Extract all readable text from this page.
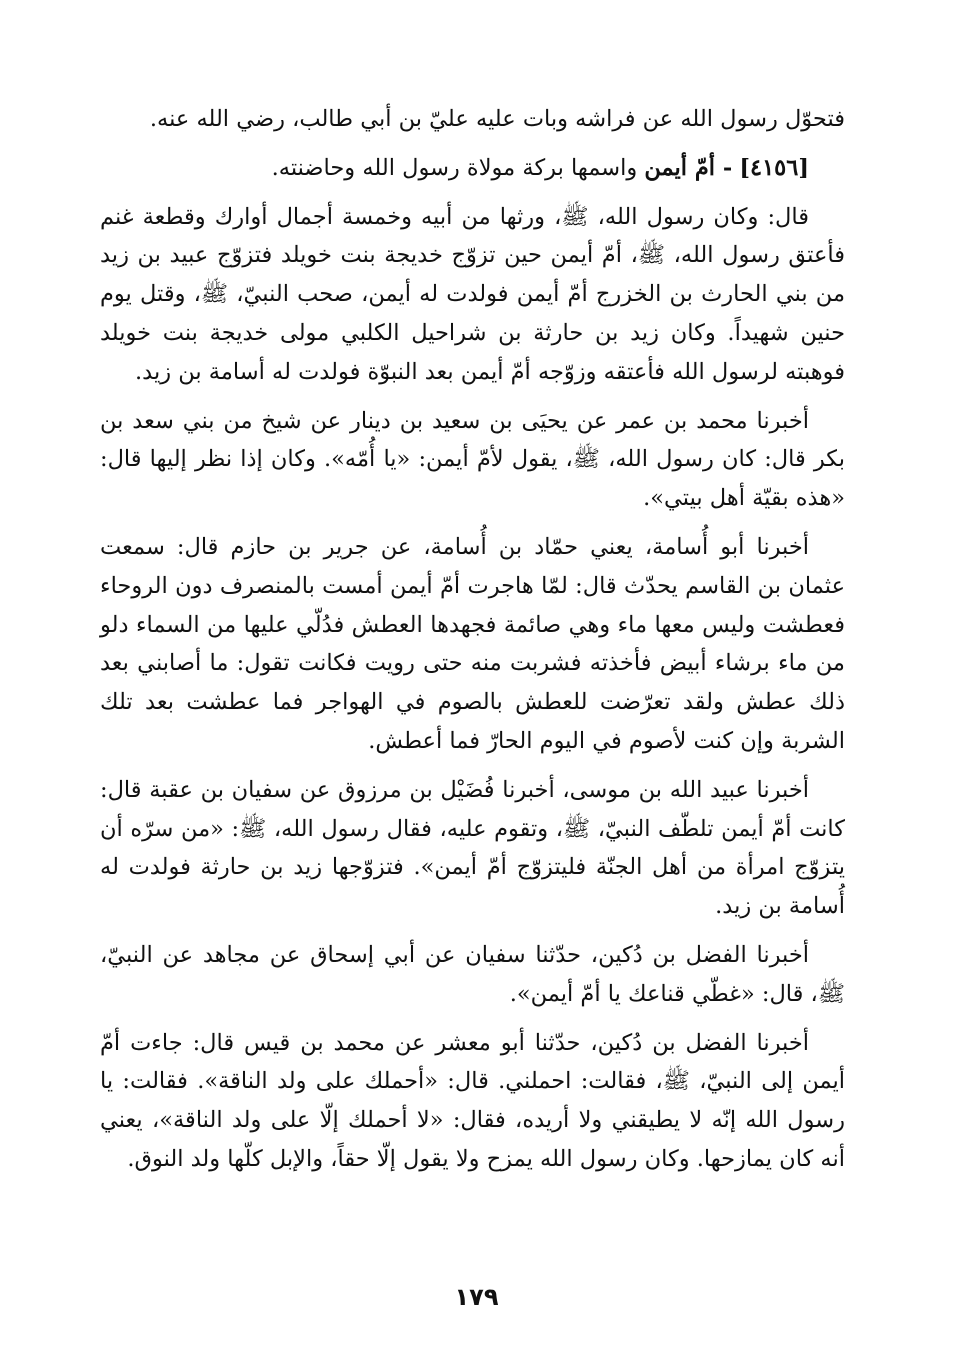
فتحوّل رسول الله عن فراشه وبات عليه عليّ بن أبي طالب، رضي الله عنه.

[٤١٥٦] - أمّ أيمن واسمها بركة مولاة رسول الله وحاضنته.

قال: وكان رسول الله، ﷺ، ورثها من أبيه وخمسة أجمال أوارك وقطعة غنم فأعتق رسول الله، ﷺ، أمّ أيمن حين تزوّج خديجة بنت خويلد فتزوّج عبيد بن زيد من بني الحارث بن الخزرج أمّ أيمن فولدت له أيمن، صحب النبيّ، ﷺ، وقتل يوم حنين شهيداً. وكان زيد بن حارثة بن شراحيل الكلبي مولى خديجة بنت خويلد فوهبته لرسول الله فأعتقه وزوّجه أمّ أيمن بعد النبوّة فولدت له أسامة بن زيد.

أخبرنا محمد بن عمر عن يحيَى بن سعيد بن دينار عن شيخ من بني سعد بن بكر قال: كان رسول الله، ﷺ، يقول لأمّ أيمن: «يا أُمّه». وكان إذا نظر إليها قال: «هذه بقيّة أهل بيتي».

أخبرنا أبو أُسامة، يعني حمّاد بن أُسامة، عن جرير بن حازم قال: سمعت عثمان بن القاسم يحدّث قال: لمّا هاجرت أمّ أيمن أمست بالمنصرف دون الروحاء فعطشت وليس معها ماء وهي صائمة فجهدها العطش فدُلّي عليها من السماء دلو من ماء برشاء أبيض فأخذته فشربت منه حتى رويت فكانت تقول: ما أصابني بعد ذلك عطش ولقد تعرّضت للعطش بالصوم في الهواجر فما عطشت بعد تلك الشربة وإن كنت لأصوم في اليوم الحارّ فما أعطش.

أخبرنا عبيد الله بن موسى، أخبرنا فُضَيْل بن مرزوق عن سفيان بن عقبة قال: كانت أمّ أيمن تلطّف النبيّ، ﷺ، وتقوم عليه، فقال رسول الله، ﷺ: «من سرّه أن يتزوّج امرأة من أهل الجنّة فليتزوّج أمّ أيمن». فتزوّجها زيد بن حارثة فولدت له أُسامة بن زيد.

أخبرنا الفضل بن دُكين، حدّثنا سفيان عن أبي إسحاق عن مجاهد عن النبيّ، ﷺ، قال: «غطّي قناعك يا أمّ أيمن».

أخبرنا الفضل بن دُكين، حدّثنا أبو معشر عن محمد بن قيس قال: جاءت أمّ أيمن إلى النبيّ، ﷺ، فقالت: احملني. قال: «أحملك على ولد الناقة». فقالت: يا رسول الله إنّه لا يطيقني ولا أريده، فقال: «لا أحملك إلّا على ولد الناقة»، يعني أنه كان يمازحها. وكان رسول الله يمزح ولا يقول إلّا حقاً، والإبل كلّها ولد النوق.

١٧٩
